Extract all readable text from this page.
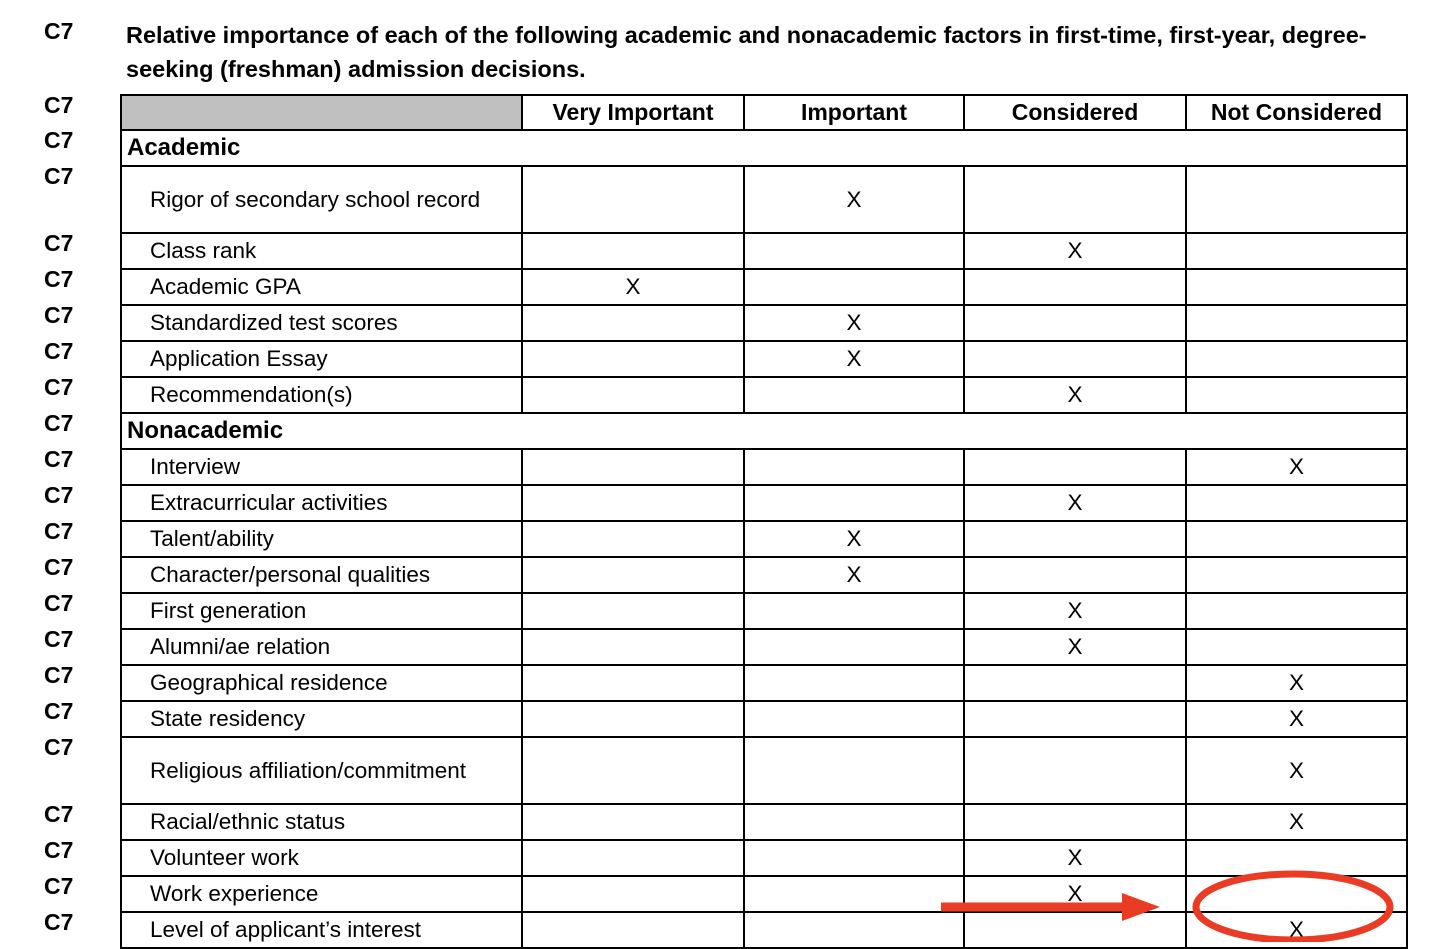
C7 Relative importance of each of the following academic and nonacademic factors in first-time, first-year, degree-seeking (freshman) admission decisions.
C7
C7
C7
C7
C7
C7
C7
C7
C7
C7
C7
C7
C7
C7
C7
C7
C7
C7
C7
C7
C7
C7
	Very Important	Important	Considered	Not Considered
Academic				
Rigor of secondary school record		X		
Class rank			X	
Academic GPA	X			
Standardized test scores		X		
Application Essay		X		
Recommendation(s)			X	
Nonacademic				
Interview				X
Extracurricular activities			X	
Talent/ability		X		
Character/personal qualities		X		
First generation			X	
Alumni/ae relation			X	
Geographical residence				X
State residency				X
Religious affiliation/commitment				X
Racial/ethnic status				X
Volunteer work			X	
Work experience			X	
Level of applicant’s interest				X
